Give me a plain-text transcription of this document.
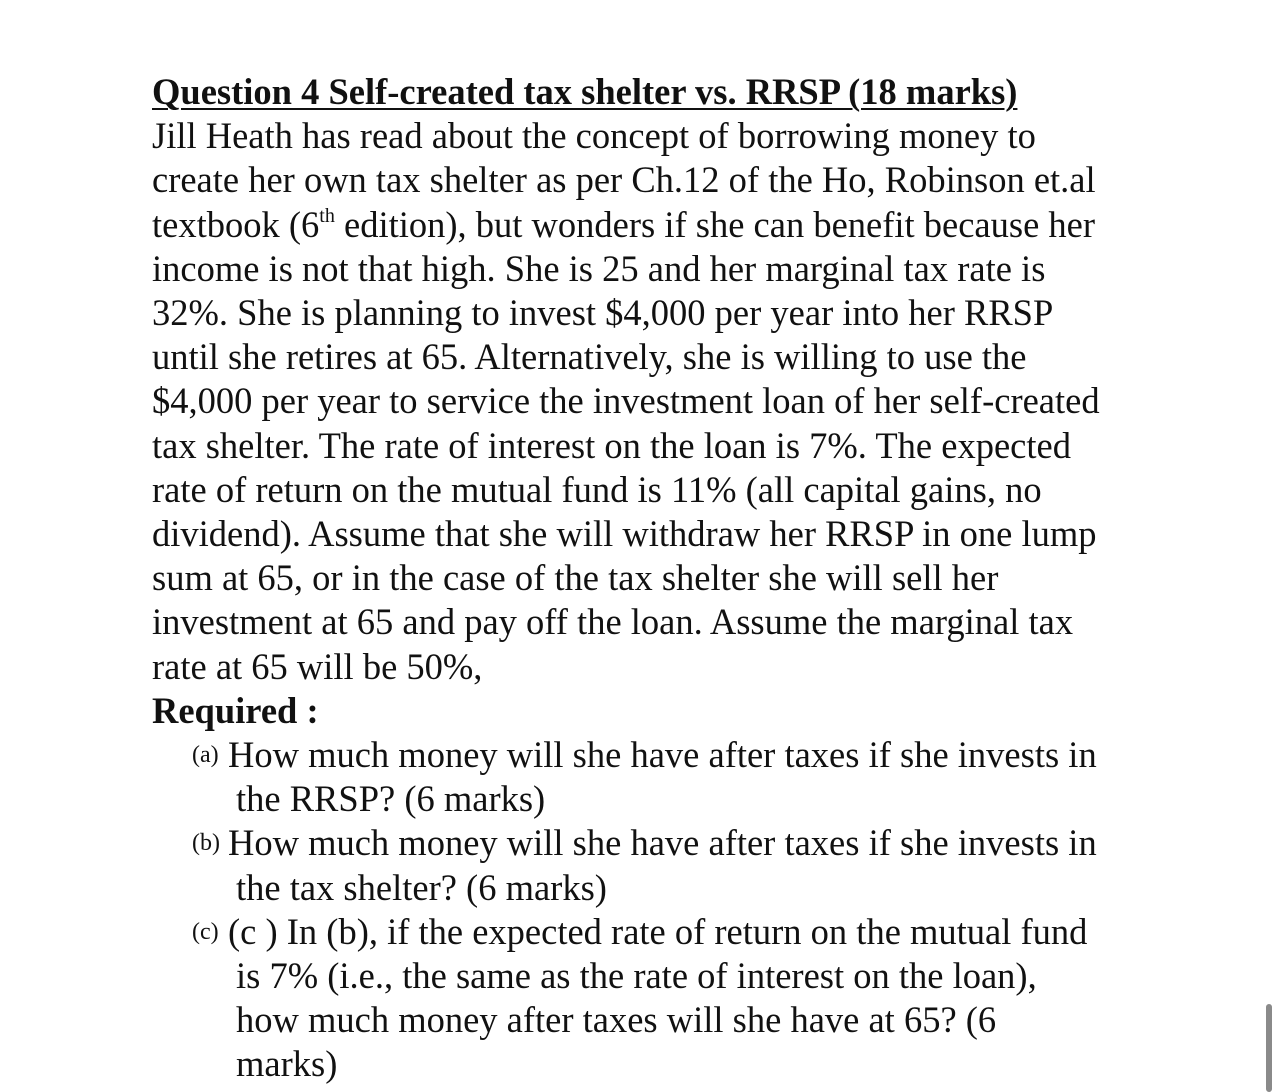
Question 4 Self-created tax shelter vs. RRSP (18 marks)
Jill Heath has read about the concept of borrowing money to
create her own tax shelter as per Ch.12 of the Ho, Robinson et.al
textbook (6th edition), but wonders if she can benefit because her
income is not that high. She is 25 and her marginal tax rate is
32%. She is planning to invest $4,000 per year into her RRSP
until she retires at 65. Alternatively, she is willing to use the
$4,000 per year to service the investment loan of her self-created
tax shelter. The rate of interest on the loan is 7%. The expected
rate of return on the mutual fund is 11% (all capital gains, no
dividend). Assume that she will withdraw her RRSP in one lump
sum at 65, or in the case of the tax shelter she will sell her
investment at 65 and pay off the loan. Assume the marginal tax
rate at 65 will be 50%,
Required :
(a) How much money will she have after taxes if she invests in
the RRSP? (6 marks)
(b) How much money will she have after taxes if she invests in
the tax shelter? (6 marks)
(c) (c ) In (b), if the expected rate of return on the mutual fund
is 7% (i.e., the same as the rate of interest on the loan),
how much money after taxes will she have at 65? (6
marks)
